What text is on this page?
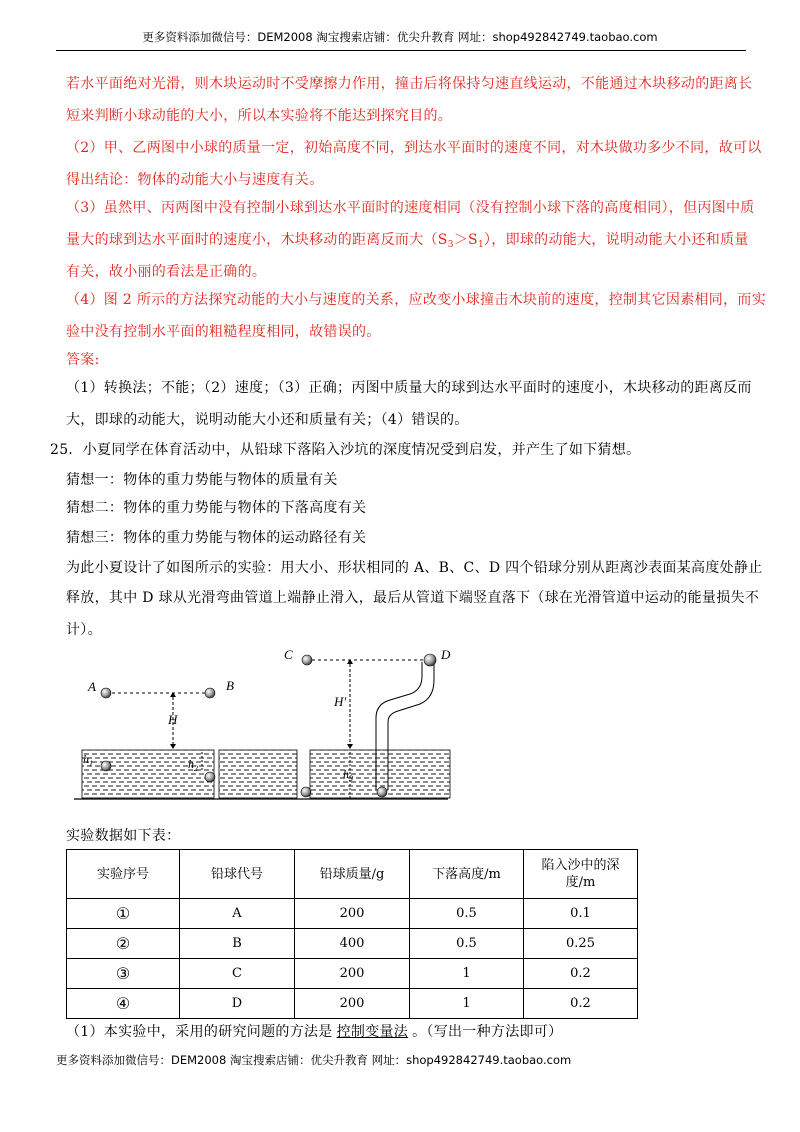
更多资料添加微信号：DEM2008 淘宝搜索店铺：优尖升教育 网址：shop492842749.taobao.com
若水平面绝对光滑，则木块运动时不受摩擦力作用，撞击后将保持匀速直线运动，不能通过木块移动的距离长
短来判断小球动能的大小，所以本实验将不能达到探究目的。
（2）甲、乙两图中小球的质量一定，初始高度不同，到达水平面时的速度不同，对木块做功多少不同，故可以
得出结论：物体的动能大小与速度有关。
（3）虽然甲、丙两图中没有控制小球到达水平面时的速度相同（没有控制小球下落的高度相同），但丙图中质
量大的球到达水平面时的速度小，木块移动的距离反而大$(S_3>S_1)$，即球的动能大，说明动能大小还和质量
有关，故小丽的看法是正确的。
（4）图 2 所示的方法探究动能的大小与速度的关系，应改变小球撞击木块前的速度，控制其它因素相同，而实
验中没有控制水平面的粗糙程度相同，故错误的。
答案:
（1）转换法；不能；（2）速度；（3）正确；丙图中质量大的球到达水平面时的速度小，木块移动的距离反而
大，即球的动能大，说明动能大小还和质量有关；（4）错误的。
25．小夏同学在体育活动中，从铅球下落陷入沙坑的深度情况受到启发，并产生了如下猜想。
猜想一：物体的重力势能与物体的质量有关
猜想二：物体的重力势能与物体的下落高度有关
猜想三：物体的重力势能与物体的运动路径有关
为此小夏设计了如图所示的实验：用大小、形状相同的 A、B、C、D 四个铅球分别从距离沙表面某高度处静止
释放，其中 D 球从光滑弯曲管道上端静止滑入，最后从管道下端竖直落下（球在光滑管道中运动的能量损失不
计）。
A	B
H
$h_1$	$h_2$
C
H′
D
$h_3$
实验数据如下表：
实验序号	铅球代号	铅球质量/g	下落高度/m	陷入沙中的深
度/m
①	A	200	0.5	0.1
②	B	400	0.5	0.25
③	C	200	1	0.2
④	D	200	1	0.2
（1）本实验中，采用的研究问题的方法是 控制变量法 。（写出一种方法即可）
更多资料添加微信号：DEM2008 淘宝搜索店铺：优尖升教育 网址：shop492842749.taobao.com
